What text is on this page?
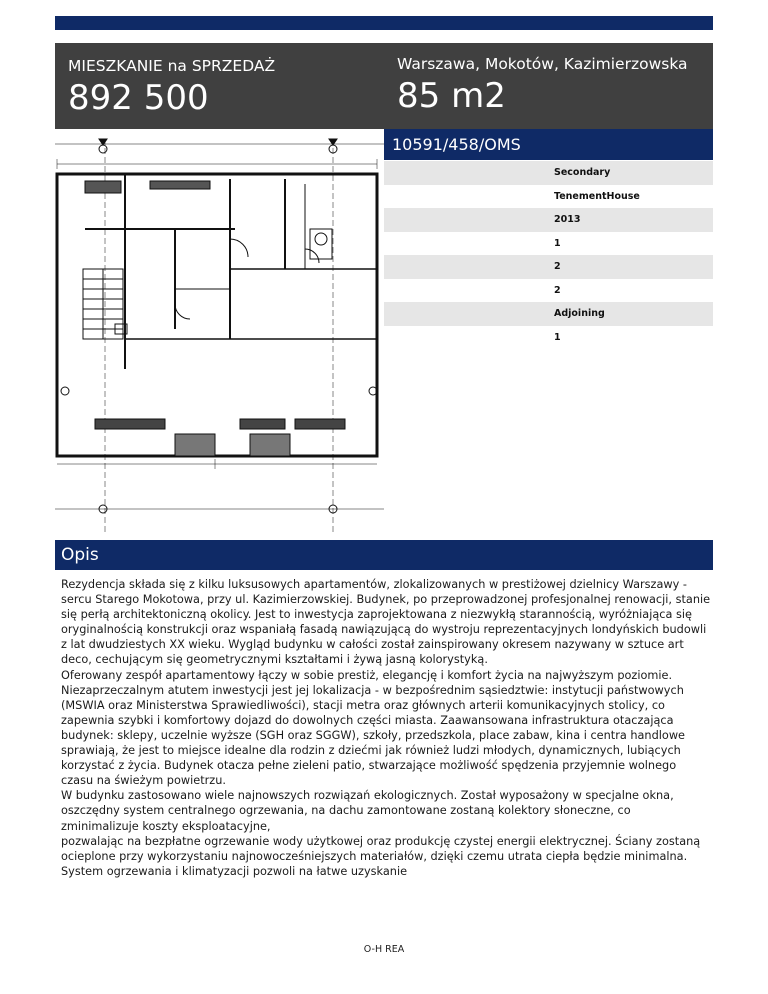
MIESZKANIE na SPRZEDAŻ
892 500
Warszawa, Mokotów, Kazimierzowska
85 m2
10591/458/OMS
Secondary
TenementHouse
2013
1
2
2
Adjoining
1
Opis

Rezydencja składa się z kilku luksusowych apartamentów, zlokalizowanych w prestiżowej dzielnicy Warszawy - sercu Starego Mokotowa, przy ul. Kazimierzowskiej. Budynek, po przeprowadzonej profesjonalnej renowacji, stanie się perłą architektoniczną okolicy. Jest to inwestycja zaprojektowana z niezwykłą starannością, wyróżniająca się oryginalnością konstrukcji oraz wspaniałą fasadą nawiązującą do wystroju reprezentacyjnych londyńskich budowli z lat dwudziestych XX wieku. Wygląd budynku w całości został zainspirowany okresem nazywany w sztuce art deco, cechującym się geometrycznymi kształtami i żywą jasną kolorystyką.

Oferowany zespół apartamentowy łączy w sobie prestiż, elegancję i komfort życia na najwyższym poziomie. Niezaprzeczalnym atutem inwestycji jest jej lokalizacja - w bezpośrednim sąsiedztwie: instytucji państwowych (MSWIA oraz Ministerstwa Sprawiedliwości), stacji metra oraz głównych arterii komunikacyjnych stolicy, co zapewnia szybki i komfortowy dojazd do dowolnych części miasta. Zaawansowana infrastruktura otaczająca budynek: sklepy, uczelnie wyższe (SGH oraz SGGW), szkoły, przedszkola, place zabaw, kina i centra handlowe sprawiają, że jest to miejsce idealne dla rodzin z dziećmi jak również ludzi młodych, dynamicznych, lubiących korzystać z życia. Budynek otacza pełne zieleni patio, stwarzające możliwość spędzenia przyjemnie wolnego czasu na świeżym powietrzu.

W budynku zastosowano wiele najnowszych rozwiązań ekologicznych. Został wyposażony w specjalne okna, oszczędny system centralnego ogrzewania, na dachu zamontowane zostaną kolektory słoneczne, co zminimalizuje koszty eksploatacyjne,

pozwalając na bezpłatne ogrzewanie wody użytkowej oraz produkcję czystej energii elektrycznej. Ściany zostaną ocieplone przy wykorzystaniu najnowocześniejszych materiałów, dzięki czemu utrata ciepła będzie minimalna. System ogrzewania i klimatyzacji pozwoli na łatwe uzyskanie

O-H REA
